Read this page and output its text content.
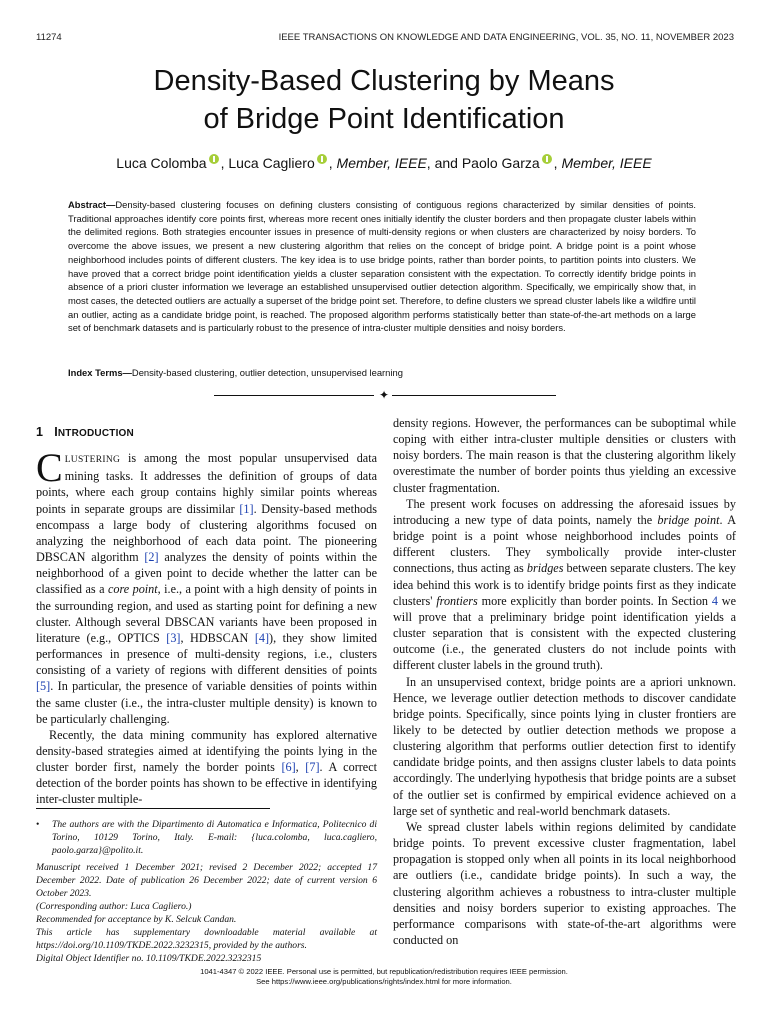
11274	IEEE TRANSACTIONS ON KNOWLEDGE AND DATA ENGINEERING, VOL. 35, NO. 11, NOVEMBER 2023
Density-Based Clustering by Means
of Bridge Point Identification
Luca Colomba , Luca Cagliero , Member, IEEE, and Paolo Garza , Member, IEEE
Abstract—Density-based clustering focuses on defining clusters consisting of contiguous regions characterized by similar densities of points. Traditional approaches identify core points first, whereas more recent ones initially identify the cluster borders and then propagate cluster labels within the delimited regions. Both strategies encounter issues in presence of multi-density regions or when clusters are characterized by noisy borders. To overcome the above issues, we present a new clustering algorithm that relies on the concept of bridge point. A bridge point is a point whose neighborhood includes points of different clusters. The key idea is to use bridge points, rather than border points, to partition points into clusters. We have proved that a correct bridge point identification yields a cluster separation consistent with the expectation. To correctly identify bridge points in absence of a priori cluster information we leverage an established unsupervised outlier detection algorithm. Specifically, we empirically show that, in most cases, the detected outliers are actually a superset of the bridge point set. Therefore, to define clusters we spread cluster labels like a wildfire until an outlier, acting as a candidate bridge point, is reached. The proposed algorithm performs statistically better than state-of-the-art methods on a large set of benchmark datasets and is particularly robust to the presence of intra-cluster multiple densities and noisy borders.
Index Terms—Density-based clustering, outlier detection, unsupervised learning
✦
1 INTRODUCTION

CLUSTERING is among the most popular unsupervised data mining tasks. It addresses the definition of groups of data points, where each group contains highly similar points whereas points in separate groups are dissimilar [1]. Density-based methods encompass a large body of clustering algorithms focused on analyzing the neighborhood of each data point. The pioneering DBSCAN algorithm [2] analyzes the density of points within the neighborhood of a given point to decide whether the latter can be classified as a core point, i.e., a point with a high density of points in the surrounding region, and used as starting point for defining a new cluster. Although several DBSCAN variants have been proposed in literature (e.g., OPTICS [3], HDBSCAN [4]), they show limited performances in presence of multi-density regions, i.e., clusters consisting of a variety of regions with different densities of points [5]. In particular, the presence of variable densities of points within the same cluster (i.e., the intra-cluster multiple density) is known to be particularly challenging.

Recently, the data mining community has explored alternative density-based strategies aimed at identifying the points lying in the cluster border first, namely the border points [6], [7]. A correct detection of the border points has shown to be effective in identifying inter-cluster multiple-

• The authors are with the Dipartimento di Automatica e Informatica, Politecnico di Torino, 10129 Torino, Italy. E-mail: {luca.colomba, luca.cagliero, paolo.garza}@polito.it.

Manuscript received 1 December 2021; revised 2 December 2022; accepted 17 December 2022. Date of publication 26 December 2022; date of current version 6 October 2023.

(Corresponding author: Luca Cagliero.)

Recommended for acceptance by K. Selcuk Candan.

This article has supplementary downloadable material available at https://doi.org/10.1109/TKDE.2022.3232315, provided by the authors.

Digital Object Identifier no. 10.1109/TKDE.2022.3232315

density regions. However, the performances can be suboptimal while coping with either intra-cluster multiple densities or clusters with noisy borders. The main reason is that the clustering algorithm likely overestimate the number of border points thus yielding an excessive cluster fragmentation.

The present work focuses on addressing the aforesaid issues by introducing a new type of data points, namely the bridge point. A bridge point is a point whose neighborhood includes points of different clusters. They symbolically provide inter-cluster connections, thus acting as bridges between separate clusters. The key idea behind this work is to identify bridge points first as they indicate clusters' frontiers more explicitly than border points. In Section 4 we will prove that a preliminary bridge point identification yields a cluster separation that is consistent with the expected clustering outcome (i.e., the generated clusters do not include points with different cluster labels in the ground truth).

In an unsupervised context, bridge points are a apriori unknown. Hence, we leverage outlier detection methods to discover candidate bridge points. Specifically, since points lying in cluster frontiers are likely to be detected by outlier detection methods we propose a clustering algorithm that performs outlier detection first to identify candidate bridge points, and then assigns cluster labels to data points accordingly. The underlying hypothesis that bridge points are a subset of the outlier set is confirmed by empirical evidence achieved on a large set of synthetic and real-world benchmark datasets.

We spread cluster labels within regions delimited by candidate bridge points. To prevent excessive cluster fragmentation, label propagation is stopped only when all points in its local neighborhood are outliers (i.e., candidate bridge points). In such a way, the clustering algorithm achieves a robustness to intra-cluster multiple densities and noisy borders superior to existing approaches. The performance comparisons with state-of-the-art algorithms were conducted on

1041-4347 © 2022 IEEE. Personal use is permitted, but republication/redistribution requires IEEE permission.
See https://www.ieee.org/publications/rights/index.html for more information.
